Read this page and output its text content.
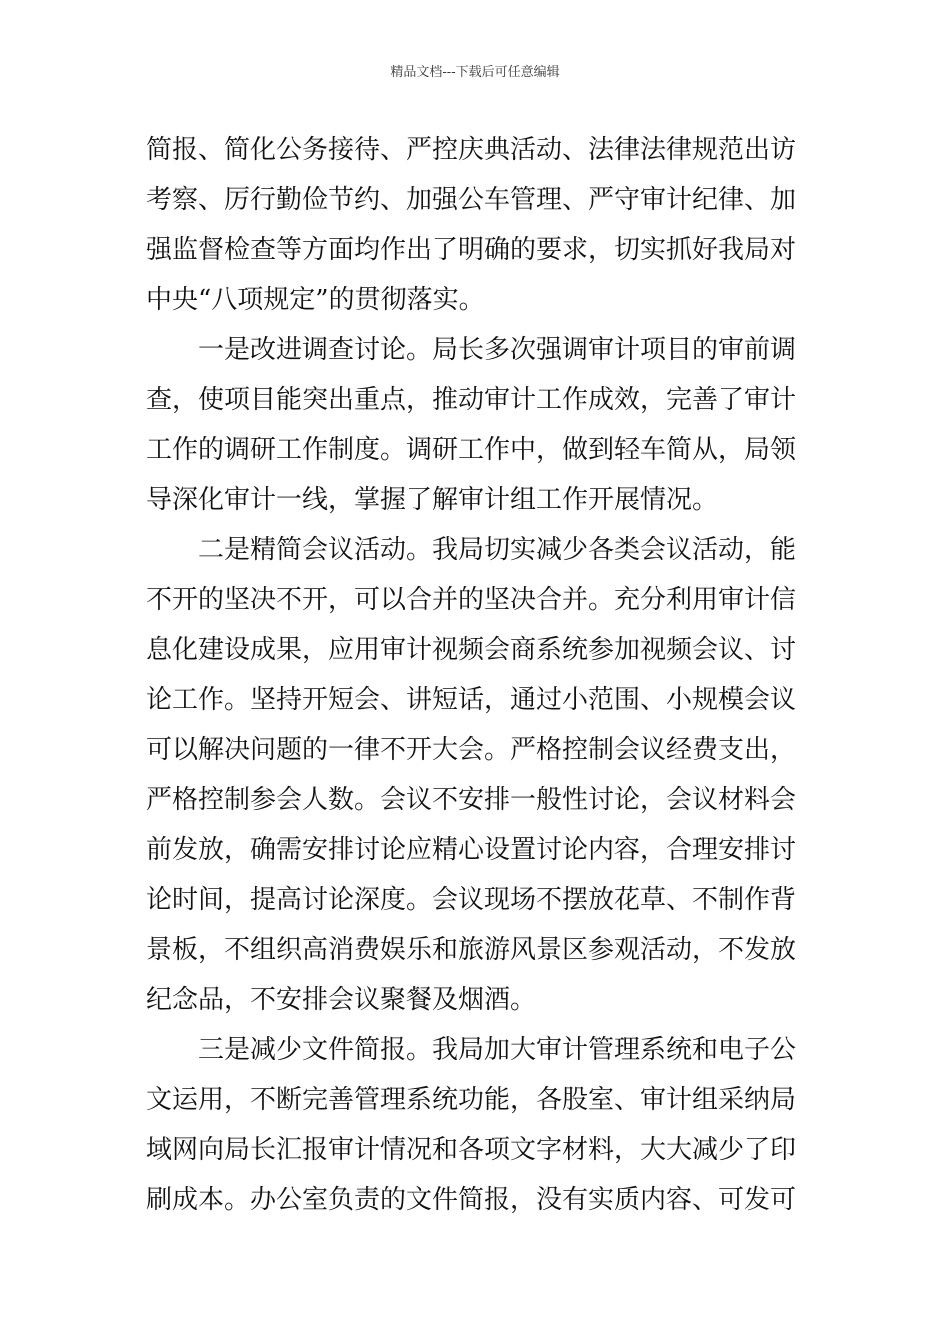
精品文档---下载后可任意编辑
简报、简化公务接待、严控庆典活动、法律法律规范出访
考察、厉行勤俭节约、加强公车管理、严守审计纪律、加
强监督检查等方面均作出了明确的要求，切实抓好我局对
中央“八项规定”的贯彻落实。
　　一是改进调查讨论。局长多次强调审计项目的审前调
查，使项目能突出重点，推动审计工作成效，完善了审计
工作的调研工作制度。调研工作中，做到轻车简从，局领
导深化审计一线，掌握了解审计组工作开展情况。
　　二是精简会议活动。我局切实减少各类会议活动，能
不开的坚决不开，可以合并的坚决合并。充分利用审计信
息化建设成果，应用审计视频会商系统参加视频会议、讨
论工作。坚持开短会、讲短话，通过小范围、小规模会议
可以解决问题的一律不开大会。严格控制会议经费支出，
严格控制参会人数。会议不安排一般性讨论，会议材料会
前发放，确需安排讨论应精心设置讨论内容，合理安排讨
论时间，提高讨论深度。会议现场不摆放花草、不制作背
景板，不组织高消费娱乐和旅游风景区参观活动，不发放
纪念品，不安排会议聚餐及烟酒。
　　三是减少文件简报。我局加大审计管理系统和电子公
文运用，不断完善管理系统功能，各股室、审计组采纳局
域网向局长汇报审计情况和各项文字材料，大大减少了印
刷成本。办公室负责的文件简报，没有实质内容、可发可
